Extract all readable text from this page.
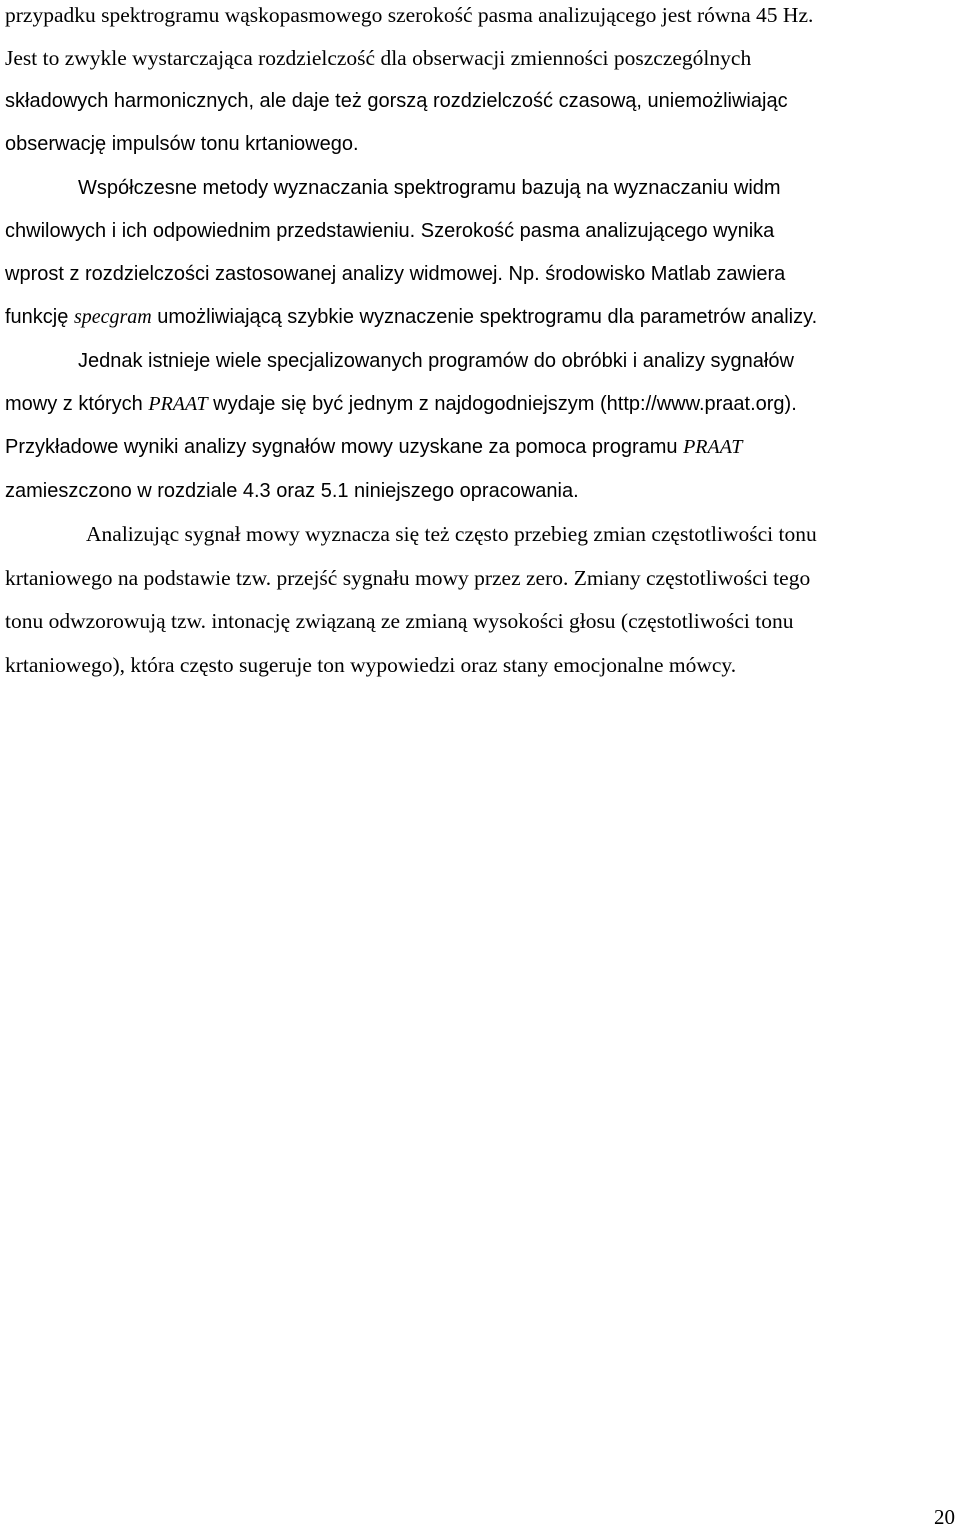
przypadku spektrogramu wąskopasmowego szerokość pasma analizującego jest równa 45 Hz.
Jest to zwykle wystarczająca rozdzielczość dla obserwacji zmienności poszczególnych
składowych harmonicznych, ale daje też gorszą rozdzielczość czasową, uniemożliwiając
obserwację impulsów tonu krtaniowego.
Współczesne metody wyznaczania spektrogramu bazują na wyznaczaniu widm
chwilowych i ich odpowiednim przedstawieniu. Szerokość pasma analizującego wynika
wprost z rozdzielczości zastosowanej analizy widmowej. Np. środowisko Matlab zawiera
funkcję specgram umożliwiającą szybkie wyznaczenie spektrogramu dla parametrów analizy.
Jednak istnieje wiele specjalizowanych programów do obróbki i analizy sygnałów
mowy z których PRAAT wydaje się być jednym z najdogodniejszym (http://www.praat.org).
Przykładowe wyniki analizy sygnałów mowy uzyskane za pomoca programu PRAAT
zamieszczono w rozdziale 4.3 oraz 5.1 niniejszego opracowania.
Analizując sygnał mowy wyznacza się też często przebieg zmian częstotliwości tonu
krtaniowego na podstawie tzw. przejść sygnału mowy przez zero. Zmiany częstotliwości tego
tonu odwzorowują tzw. intonację związaną ze zmianą wysokości głosu (częstotliwości tonu
krtaniowego), która często sugeruje ton wypowiedzi oraz stany emocjonalne mówcy.
20
